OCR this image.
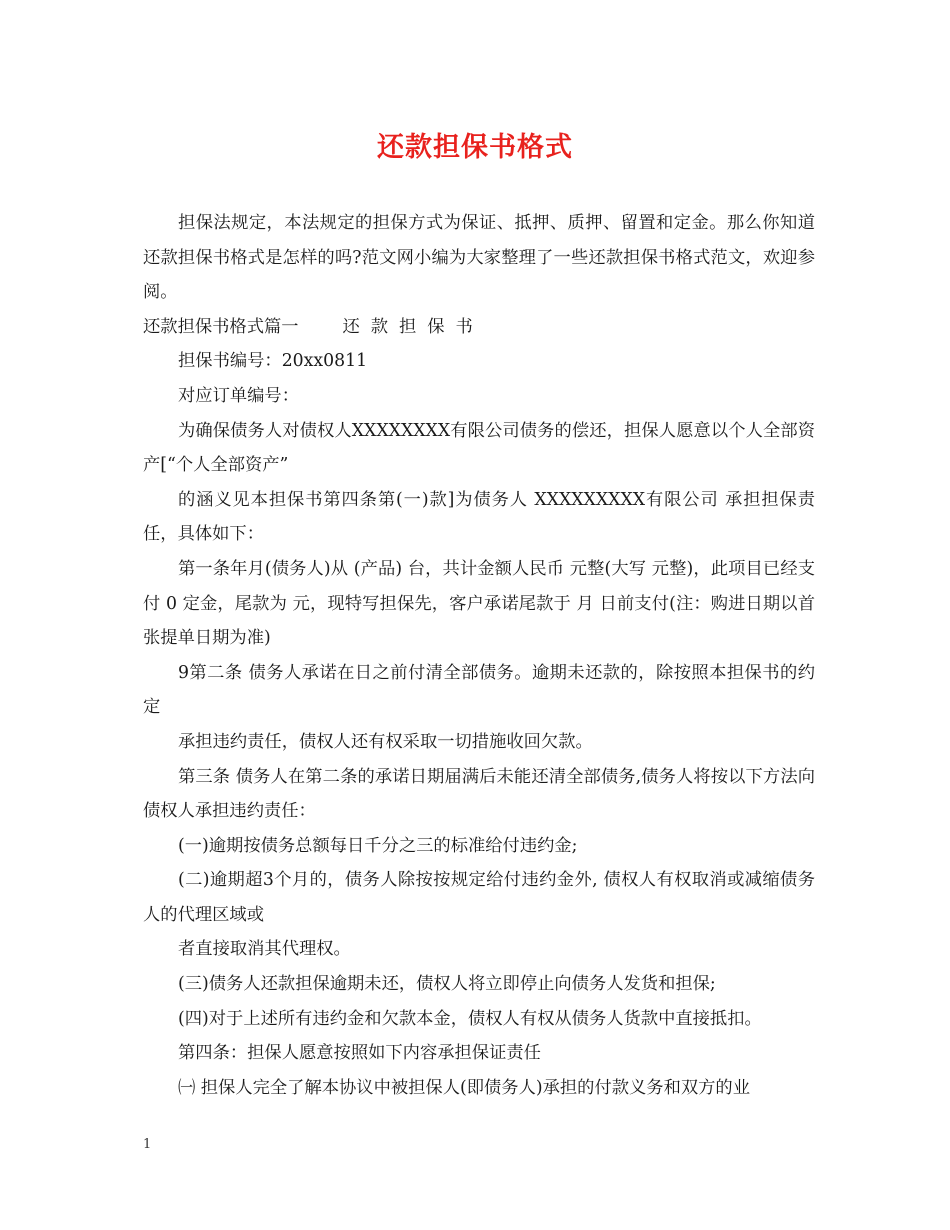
还款担保书格式

担保法规定，本法规定的担保方式为保证、抵押、质押、留置和定金。那么你知道还款担保书格式是怎样的吗?范文网小编为大家整理了一些还款担保书格式范文，欢迎参阅。

还款担保书格式篇一        还  款  担  保  书

担保书编号：20xx0811

对应订单编号：

为确保债务人对债权人XXXXXXXX有限公司债务的偿还，担保人愿意以个人全部资产[“个人全部资产”

的涵义见本担保书第四条第(一)款]为债务人 XXXXXXXXX有限公司 承担担保责任，具体如下：

第一条年月(债务人)从 (产品) 台，共计金额人民币 元整(大写 元整)，此项目已经支付 0 定金，尾款为 元，现特写担保先，客户承诺尾款于 月 日前支付(注：购进日期以首张提单日期为准)

9第二条 债务人承诺在日之前付清全部债务。逾期未还款的，除按照本担保书的约定

承担违约责任，债权人还有权采取一切措施收回欠款。

第三条 债务人在第二条的承诺日期届满后未能还清全部债务,债务人将按以下方法向债权人承担违约责任：

(一)逾期按债务总额每日千分之三的标准给付违约金;

(二)逾期超3个月的，债务人除按按规定给付违约金外, 债权人有权取消或减缩债务人的代理区域或

者直接取消其代理权。

(三)债务人还款担保逾期未还，债权人将立即停止向债务人发货和担保;

(四)对于上述所有违约金和欠款本金，债权人有权从债务人货款中直接抵扣。

第四条：担保人愿意按照如下内容承担保证责任

㈠ 担保人完全了解本协议中被担保人(即债务人)承担的付款义务和双方的业

1
